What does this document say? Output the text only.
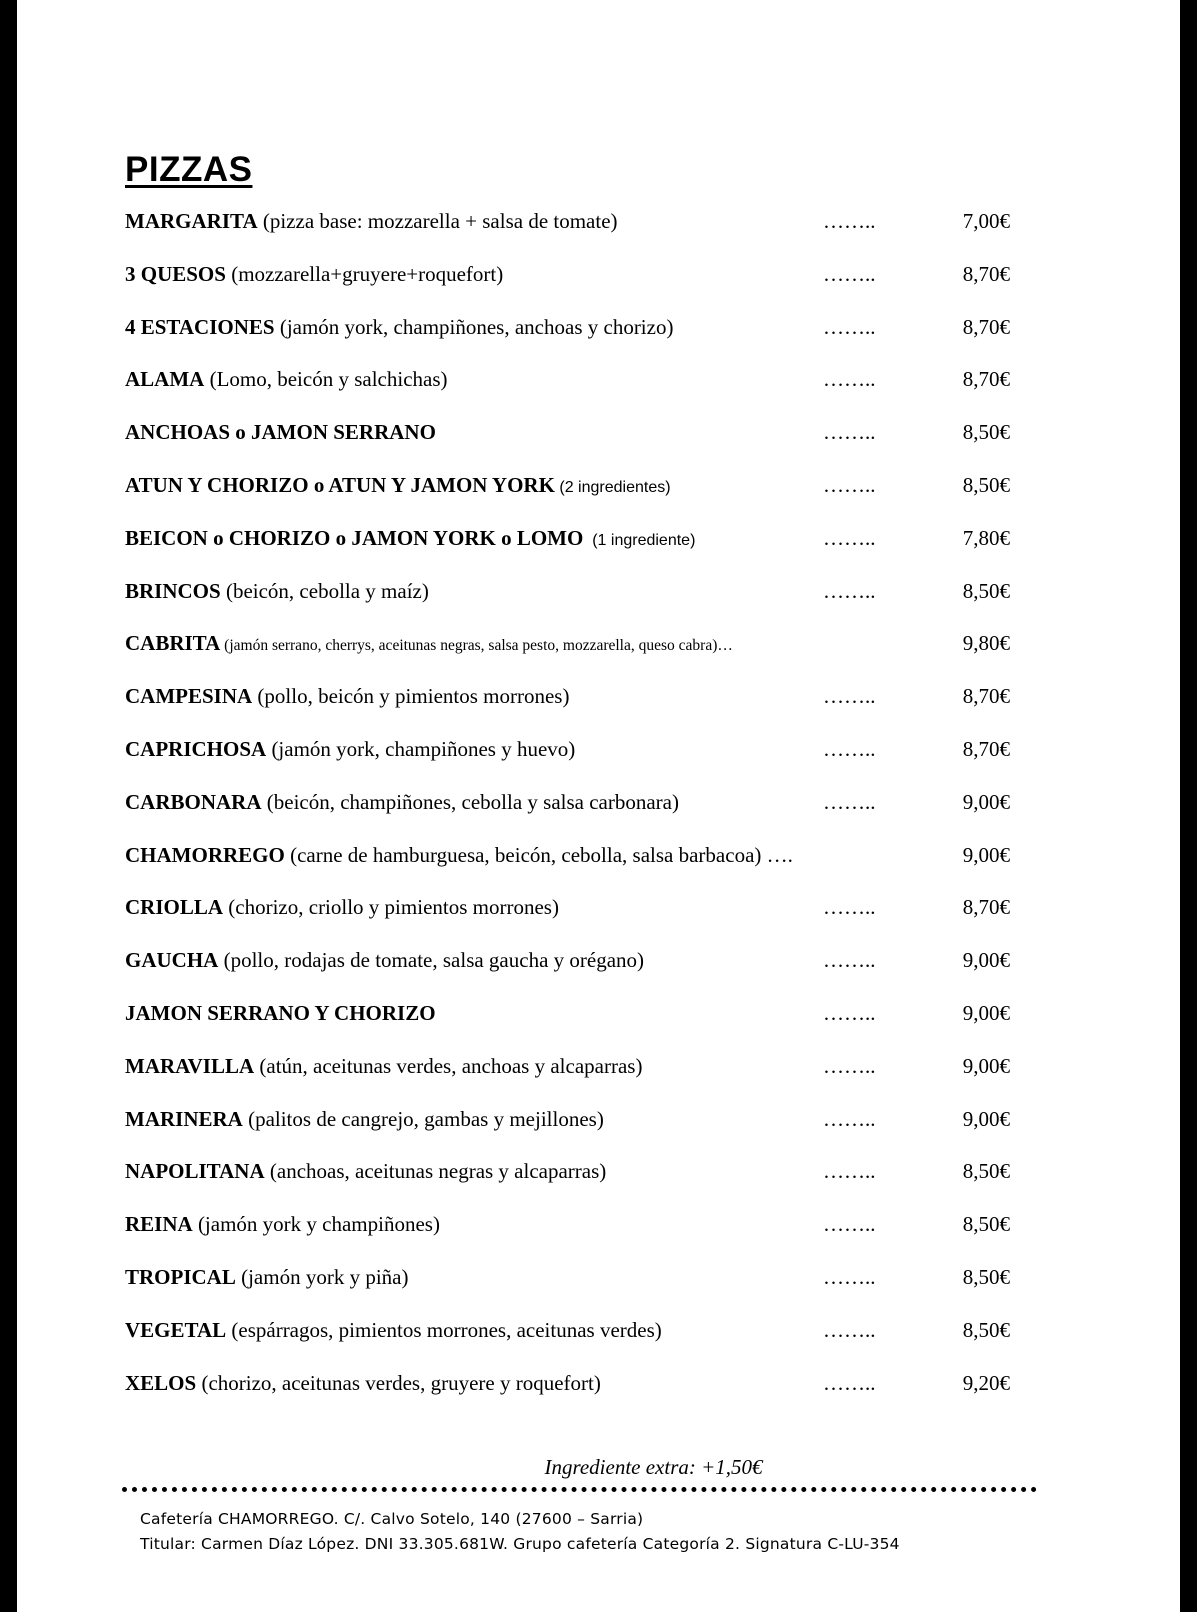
PIZZAS
MARGARITA (pizza base: mozzarella + salsa de tomate)	……..	7,00€
3 QUESOS (mozzarella+gruyere+roquefort)	……..	8,70€
4 ESTACIONES (jamón york, champiñones, anchoas y chorizo)	……..	8,70€
ALAMA (Lomo, beicón y salchichas)	……..	8,70€
ANCHOAS o JAMON SERRANO	……..	8,50€
ATUN Y CHORIZO o ATUN Y JAMON YORK (2 ingredientes)	……..	8,50€
BEICON o CHORIZO o JAMON YORK o LOMO  (1 ingrediente)	……..	7,80€
BRINCOS (beicón, cebolla y maíz)	……..	8,50€
CABRITA (jamón serrano, cherrys, aceitunas negras, salsa pesto, mozzarella, queso cabra)…	9,80€
CAMPESINA (pollo, beicón y pimientos morrones)	……..	8,70€
CAPRICHOSA (jamón york, champiñones y huevo)	……..	8,70€
CARBONARA (beicón, champiñones, cebolla y salsa carbonara)	……..	9,00€
CHAMORREGO (carne de hamburguesa, beicón, cebolla, salsa barbacoa) ….	9,00€
CRIOLLA (chorizo, criollo y pimientos morrones)	……..	8,70€
GAUCHA (pollo, rodajas de tomate, salsa gaucha y orégano)	……..	9,00€
JAMON SERRANO Y CHORIZO	……..	9,00€
MARAVILLA (atún, aceitunas verdes, anchoas y alcaparras)	……..	9,00€
MARINERA (palitos de cangrejo, gambas y mejillones)	……..	9,00€
NAPOLITANA (anchoas, aceitunas negras y alcaparras)	……..	8,50€
REINA (jamón york y champiñones)	……..	8,50€
TROPICAL (jamón york y piña)	……..	8,50€
VEGETAL (espárragos, pimientos morrones, aceitunas verdes)	……..	8,50€
XELOS (chorizo, aceitunas verdes, gruyere y roquefort)	……..	9,20€
Ingrediente extra: +1,50€
Cafetería CHAMORREGO. C/. Calvo Sotelo, 140 (27600 – Sarria)
Titular: Carmen Díaz López. DNI 33.305.681W. Grupo cafetería Categoría 2. Signatura C-LU-354
